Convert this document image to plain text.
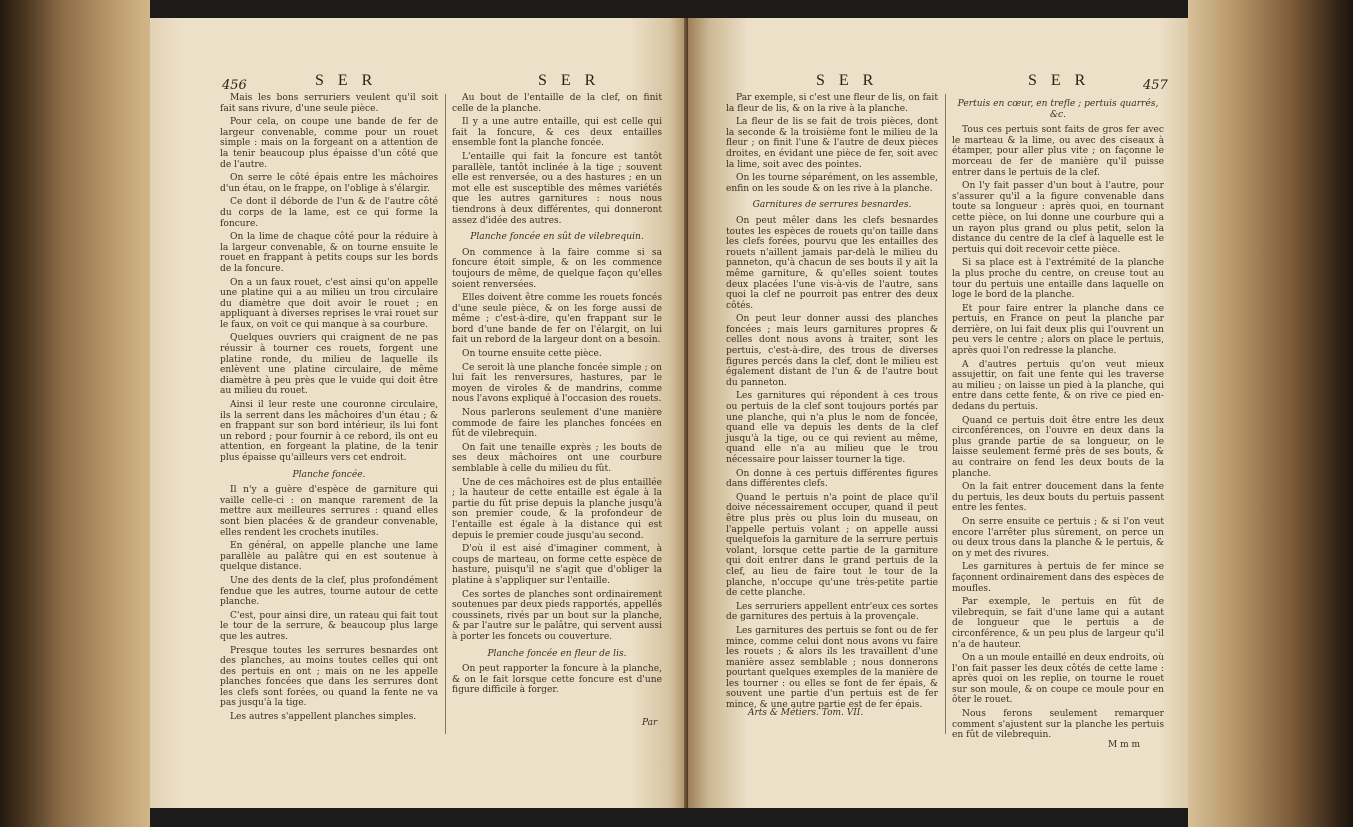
456	S E R	S E R

Mais les bons serruriers veulent qu'il soit fait sans rivure, d'une seule pièce.

Pour cela, on coupe une bande de fer de largeur convenable, comme pour un rouet simple : mais on la forgeant on a attention de la tenir beaucoup plus épaisse d'un côté que de l'autre.

On serre le côté épais entre les mâchoires d'un étau, on le frappe, on l'oblige à s'élargir.

Ce dont il déborde de l'un & de l'autre côté du corps de la lame, est ce qui forme la foncure.

On la lime de chaque côté pour la réduire à la largeur convenable, & on tourne ensuite le rouet en frappant à petits coups sur les bords de la foncure.

On a un faux rouet, c'est ainsi qu'on appelle une platine qui a au milieu un trou circulaire du diamètre que doit avoir le rouet ; en appliquant à diverses reprises le vrai rouet sur le faux, on voit ce qui manque à sa courbure.

Quelques ouvriers qui craignent de ne pas réussir à tourner ces rouets, forgent une platine ronde, du milieu de laquelle ils enlèvent une platine circulaire, de même diamètre à peu près que le vuide qui doit être au milieu du rouet.

Ainsi il leur reste une couronne circulaire, ils la serrent dans les mâchoires d'un étau ; & en frappant sur son bord intérieur, ils lui font un rebord ; pour fournir à ce rebord, ils ont eu attention, en forgeant la platine, de la tenir plus épaisse qu'ailleurs vers cet endroit.

Planche foncée.

Il n'y a guère d'espèce de garniture qui vaille celle-ci : on manque rarement de la mettre aux meilleures serrures : quand elles sont bien placées & de grandeur convenable, elles rendent les crochets inutiles.

En général, on appelle planche une lame parallèle au palâtre qui en est soutenue à quelque distance.

Une des dents de la clef, plus profondément fendue que les autres, tourne autour de cette planche.

C'est, pour ainsi dire, un rateau qui fait tout le tour de la serrure, & beaucoup plus large que les autres.

Presque toutes les serrures besnardes ont des planches, au moins toutes celles qui ont des pertuis en ont ; mais on ne les appelle planches foncées que dans les serrures dont les clefs sont forées, ou quand la fente ne va pas jusqu'à la tige.

Les autres s'appellent planches simples.

Au bout de l'entaille de la clef, on finit celle de la planche.

Il y a une autre entaille, qui est celle qui fait la foncure, & ces deux entailles ensemble font la planche foncée.

L'entaille qui fait la foncure est tantôt parallèle, tantôt inclinée à la tige ; souvent elle est renversée, ou a des hastures ; en un mot elle est susceptible des mêmes variétés que les autres garnitures : nous nous tiendrons à deux différentes, qui donneront assez d'idée des autres.

Planche foncée en sût de vilebrequin.

On commence à la faire comme si sa foncure étoit simple, & on les commence toujours de même, de quelque façon qu'elles soient renversées.

Elles doivent être comme les rouets foncés d'une seule pièce, & on les forge aussi de même ; c'est-à-dire, qu'en frappant sur le bord d'une bande de fer on l'élargit, on lui fait un rebord de la largeur dont on a besoin.

On tourne ensuite cette pièce.

Ce seroit là une planche foncée simple ; on lui fait les renversures, hastures, par le moyen de viroles & de mandrins, comme nous l'avons expliqué à l'occasion des rouets.

Nous parlerons seulement d'une manière commode de faire les planches foncées en fût de vilebrequin.

On fait une tenaille exprès ; les bouts de ses deux mâchoires ont une courbure semblable à celle du milieu du fût.

Une de ces mâchoires est de plus entaillée ; la hauteur de cette entaille est égale à la partie du fût prise depuis la planche jusqu'à son premier coude, & la profondeur de l'entaille est égale à la distance qui est depuis le premier coude jusqu'au second.

D'où il est aisé d'imaginer comment, à coups de marteau, on forme cette espèce de hasture, puisqu'il ne s'agit que d'obliger la platine à s'appliquer sur l'entaille.

Ces sortes de planches sont ordinairement soutenues par deux pieds rapportés, appellés coussinets, rivés par un bout sur la planche, & par l'autre sur le palâtre, qui servent aussi à porter les foncets ou couverture.

Planche foncée en fleur de lis.

On peut rapporter la foncure à la planche, & on le fait lorsque cette foncure est d'une figure difficile à forger.

Par
S E R	S E R	457

Par exemple, si c'est une fleur de lis, on fait la fleur de lis, & on la rive à la planche.

La fleur de lis se fait de trois pièces, dont la seconde & la troisième font le milieu de la fleur ; on finit l'une & l'autre de deux pièces droites, en évidant une pièce de fer, soit avec la lime, soit avec des pointes.

On les tourne séparément, on les assemble, enfin on les soude & on les rive à la planche.

Garnitures de serrures besnardes.

On peut mêler dans les clefs besnardes toutes les espèces de rouets qu'on taille dans les clefs forées, pourvu que les entailles des rouets n'aillent jamais par-delà le milieu du panneton, qu'à chacun de ses bouts il y ait la même garniture, & qu'elles soient toutes deux placées l'une vis-à-vis de l'autre, sans quoi la clef ne pourroit pas entrer des deux côtés.

On peut leur donner aussi des planches foncées ; mais leurs garnitures propres & celles dont nous avons à traiter, sont les pertuis, c'est-à-dire, des trous de diverses figures percés dans la clef, dont le milieu est également distant de l'un & de l'autre bout du panneton.

Les garnitures qui répondent à ces trous ou pertuis de la clef sont toujours portés par une planche, qui n'a plus le nom de foncée, quand elle va depuis les dents de la clef jusqu'à la tige, ou ce qui revient au même, quand elle n'a au milieu que le trou nécessaire pour laisser tourner la tige.

On donne à ces pertuis différentes figures dans différentes clefs.

Quand le pertuis n'a point de place qu'il doive nécessairement occuper, quand il peut être plus près ou plus loin du museau, on l'appelle pertuis volant ; on appelle aussi quelquefois la garniture de la serrure pertuis volant, lorsque cette partie de la garniture qui doit entrer dans le grand pertuis de la clef, au lieu de faire tout le tour de la planche, n'occupe qu'une très-petite partie de cette planche.

Les serruriers appellent entr'eux ces sortes de garnitures des pertuis à la provençale.

Les garnitures des pertuis se font ou de fer mince, comme celui dont nous avons vu faire les rouets ; & alors ils les travaillent d'une manière assez semblable ; nous donnerons pourtant quelques exemples de la manière de les tourner : ou elles se font de fer épais, & souvent une partie d'un pertuis est de fer mince, & une autre partie est de fer épais.

Pertuis en cœur, en trefle ; pertuis quarrés, &c.

Tous ces pertuis sont faits de gros fer avec le marteau & la lime, ou avec des ciseaux à étamper, pour aller plus vite ; on façonne le morceau de fer de manière qu'il puisse entrer dans le pertuis de la clef.

On l'y fait passer d'un bout à l'autre, pour s'assurer qu'il a la figure convenable dans toute sa longueur : après quoi, en tournant cette pièce, on lui donne une courbure qui a un rayon plus grand ou plus petit, selon la distance du centre de la clef à laquelle est le pertuis qui doit recevoir cette pièce.

Si sa place est à l'extrémité de la planche la plus proche du centre, on creuse tout au tour du pertuis une entaille dans laquelle on loge le bord de la planche.

Et pour faire entrer la planche dans ce pertuis, en France on peut la planche par derrière, on lui fait deux plis qui l'ouvrent un peu vers le centre ; alors on place le pertuis, après quoi l'on redresse la planche.

A d'autres pertuis qu'on veut mieux assujettir, on fait une fente qui les traverse au milieu ; on laisse un pied à la planche, qui entre dans cette fente, & on rive ce pied en-dedans du pertuis.

Quand ce pertuis doit être entre les deux circonférences, on l'ouvre en deux dans la plus grande partie de sa longueur, on le laisse seulement fermé près de ses bouts, & au contraire on fend les deux bouts de la planche.

On la fait entrer doucement dans la fente du pertuis, les deux bouts du pertuis passent entre les fentes.

On serre ensuite ce pertuis ; & si l'on veut encore l'arrêter plus sûrement, on perce un ou deux trous dans la planche & le pertuis, & on y met des rivures.

Les garnitures à pertuis de fer mince se façonnent ordinairement dans des espèces de moufles.

Par exemple, le pertuis en fût de vilebrequin, se fait d'une lame qui a autant de longueur que le pertuis a de circonférence, & un peu plus de largeur qu'il n'a de hauteur.

On a un moule entaillé en deux endroits, où l'on fait passer les deux côtés de cette lame : après quoi on les replie, on tourne le rouet sur son moule, & on coupe ce moule pour en ôter le rouet.

Nous ferons seulement remarquer comment s'ajustent sur la planche les pertuis en fût de vilebrequin.

Arts & Métiers. Tom. VII.
M m m
